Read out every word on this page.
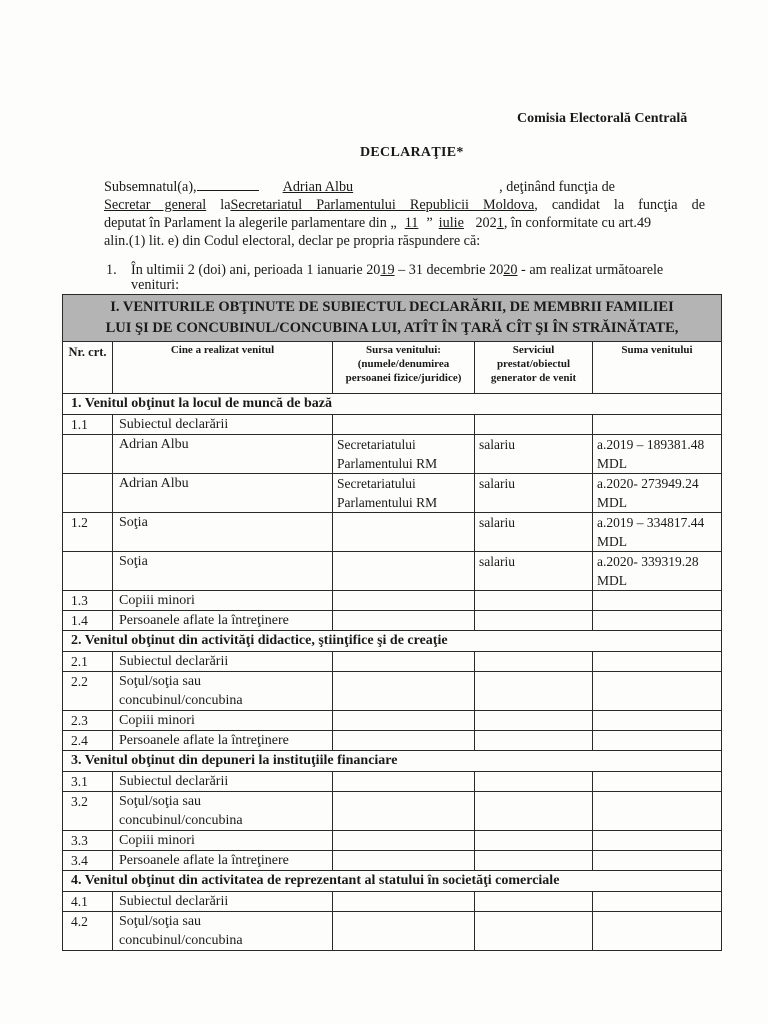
Comisia Electorală Centrală
DECLARAŢIE*
Subsemnatul(a),	Adrian Albu	, deţinând funcţia de
Secretar general laSecretariatul Parlamentului Republicii Moldova, candidat la funcţia de
deputat în Parlament la alegerile parlamentare din „ 11 ” iulie 2021, în conformitate cu art.49
alin.(1) lit. e) din Codul electoral, declar pe propria răspundere că:
1. În ultimii 2 (doi) ani, perioada 1 ianuarie 2019 – 31 decembrie 2020 - am realizat următoarele
venituri:
I. VENITURILE OBŢINUTE DE SUBIECTUL DECLARĂRII, DE MEMBRII FAMILIEI
LUI ŞI DE CONCUBINUL/CONCUBINA LUI, ATÎT ÎN ŢARĂ CÎT ŞI ÎN STRĂINĂTATE,				

Nr. crt.	Cine a realizat venitul	Sursa venitului: (numele/denumirea persoanei fizice/juridice)	Serviciul prestat/obiectul generator de venit	Suma venitului
1. Venitul obţinut la locul de muncă de bază				
1.1	Subiectul declarării			
	Adrian Albu	Secretariatului Parlamentului RM	salariu	a.2019 – 189381.48 MDL
	Adrian Albu	Secretariatului Parlamentului RM	salariu	a.2020- 273949.24 MDL
1.2	Soţia		salariu	a.2019 – 334817.44 MDL
	Soţia		salariu	a.2020- 339319.28 MDL
1.3	Copiii minori			
1.4	Persoanele aflate la întreţinere			
2. Venitul obţinut din activităţi didactice, ştiinţifice şi de creaţie				
2.1	Subiectul declarării			
2.2	Soţul/soţia sau concubinul/concubina			
2.3	Copiii minori			
2.4	Persoanele aflate la întreţinere			
3. Venitul obţinut din depuneri la instituţiile financiare				
3.1	Subiectul declarării			
3.2	Soţul/soţia sau concubinul/concubina			
3.3	Copiii minori			
3.4	Persoanele aflate la întreţinere			
4. Venitul obţinut din activitatea de reprezentant al statului în societăţi comerciale				
4.1	Subiectul declarării			
4.2	Soţul/soţia sau concubinul/concubina			
